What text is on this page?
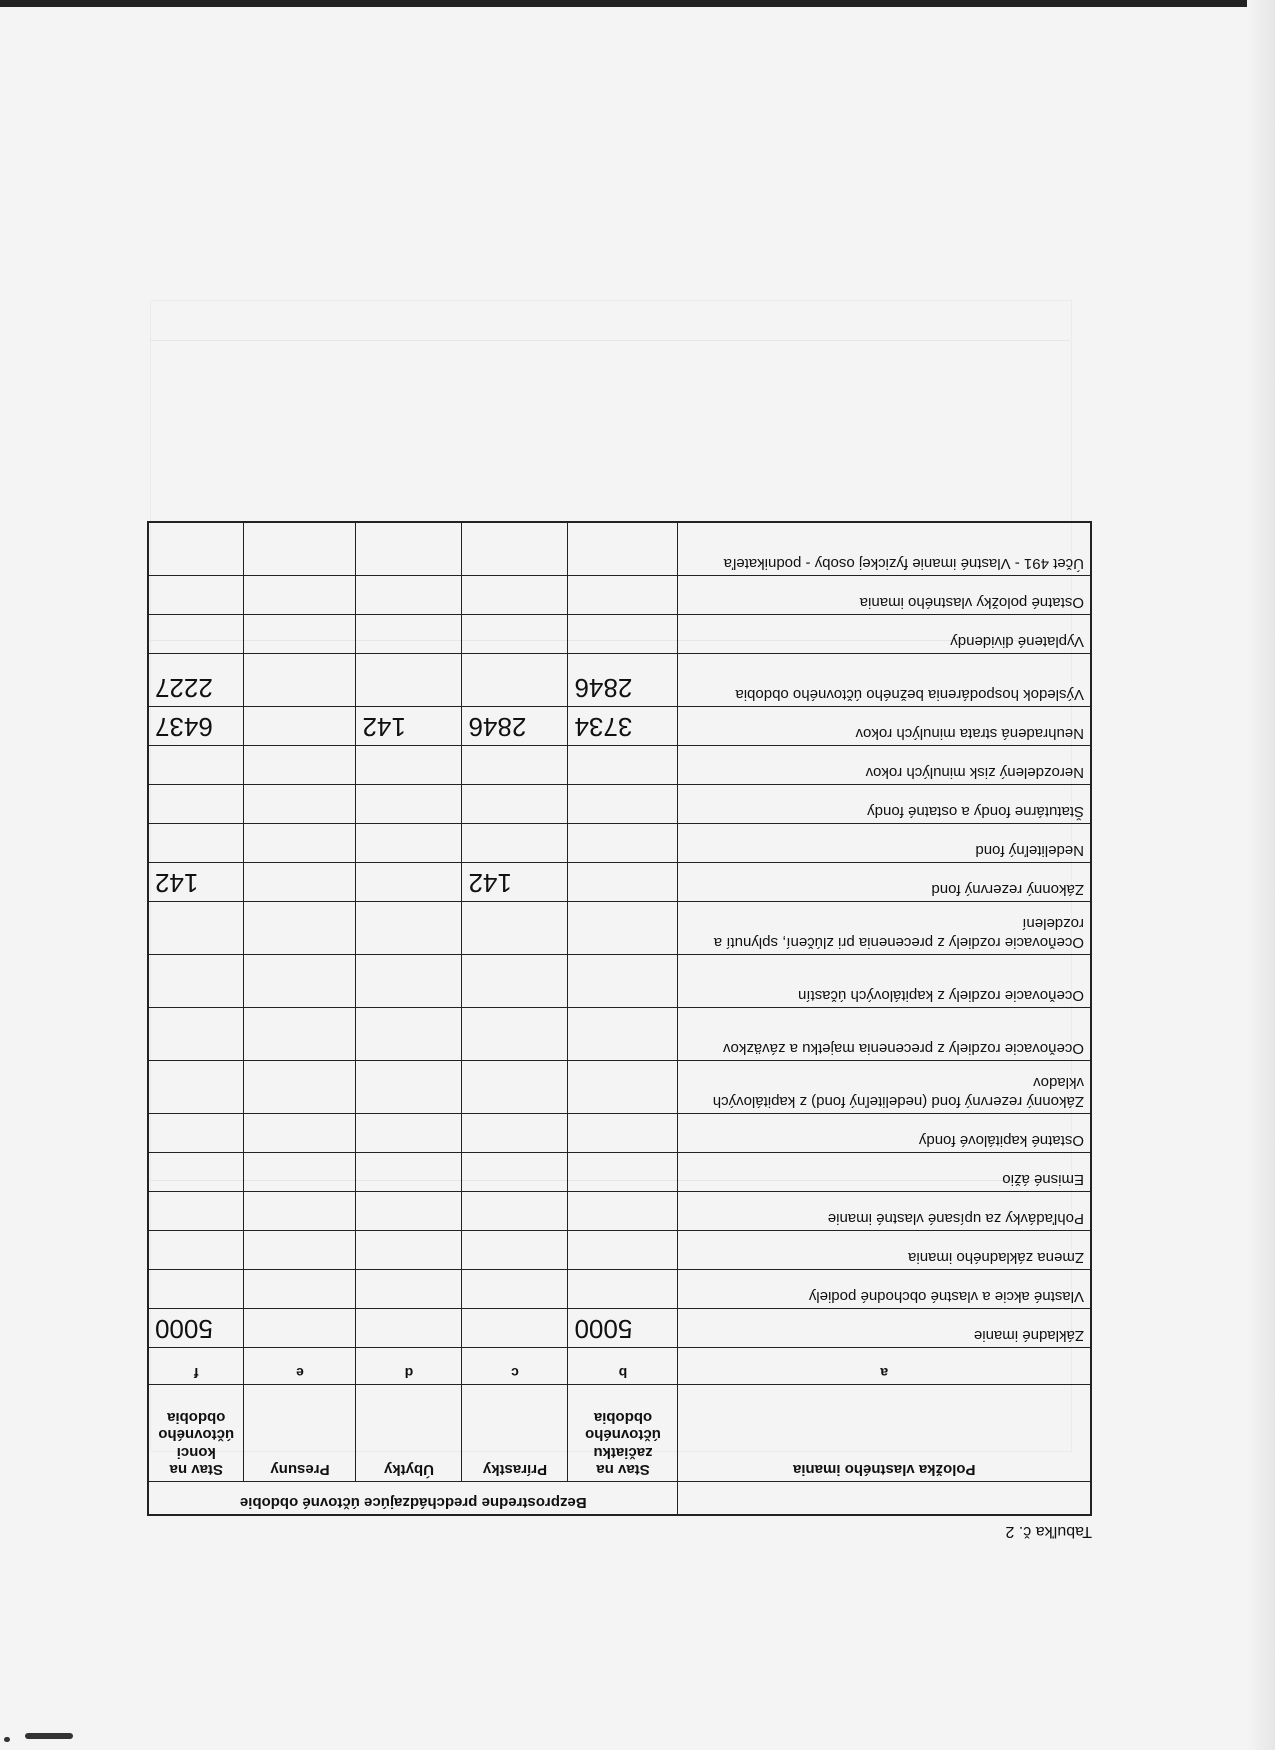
Tabuľka č. 2
	Bezprostredne predchádzajúce účtovné obdobie				
Položka vlastného imania	Stav na začiatku účtovného obdobia	Prírastky	Úbytky	Presuny	Stav na konci účtovného obdobia
a	b	c	d	e	f
Základné imanie	5000				5000
Vlastné akcie a vlastné obchodné podiely					
Zmena základného imania					
Pohľadávky za upísané vlastné imanie					
Emisné ážio					
Ostatné kapitálové fondy					
Zákonný rezervný fond (nedeliteľný fond) z kapitálových vkladov					
Oceňovacie rozdiely z precenenia majetku a záväzkov					
Oceňovacie rozdiely z kapitálových účastín					
Oceňovacie rozdiely z precenenia pri zlúčení, splynutí a rozdelení					
Zákonný rezervný fond		142			142
Nedeliteľný fond					
Štatutárne fondy a ostatné fondy					
Nerozdelený zisk minulých rokov					
Neuhradená strata minulých rokov	3734	2846	142		6437
Výsledok hospodárenia bežného účtovného obdobia	2846				2227
Vyplatené dividendy					
Ostatné položky vlastného imania					
Účet 491 - Vlastné imanie fyzickej osoby - podnikateľa					
